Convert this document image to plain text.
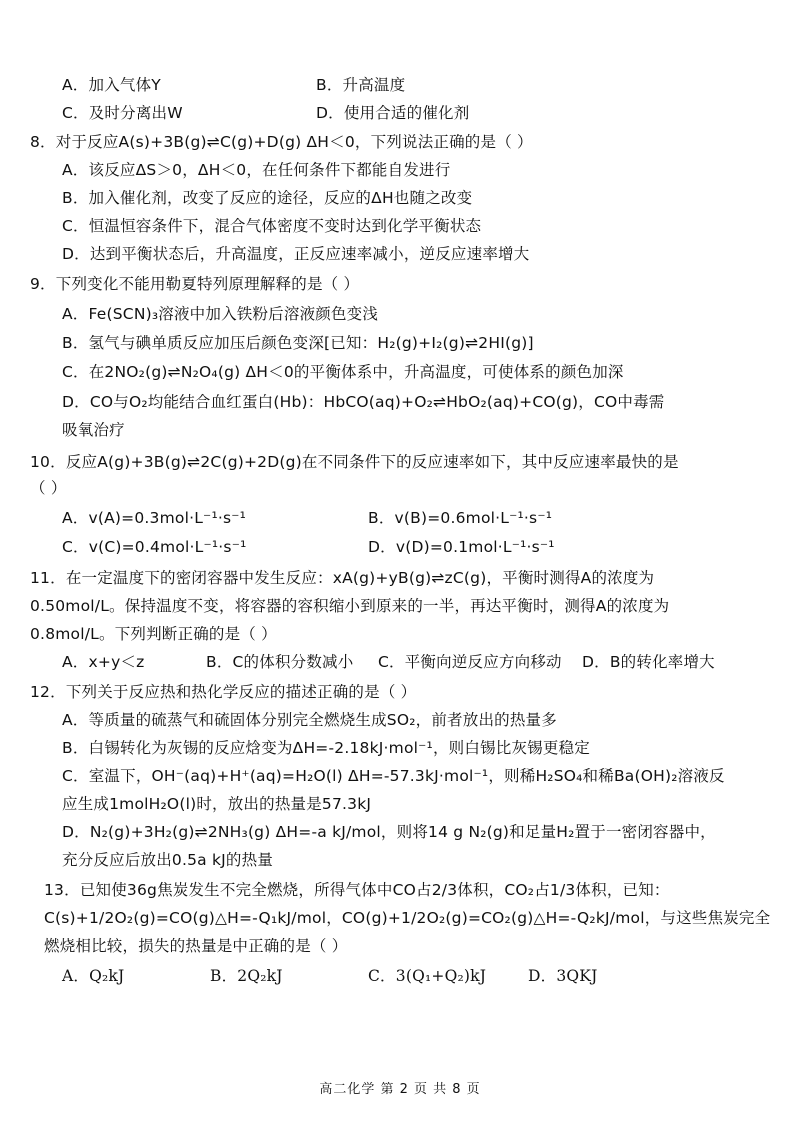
A．加入气体Y	B．升高温度
C．及时分离出W	D．使用合适的催化剂
8．对于反应A(s)+3B(g)⇌C(g)+D(g) ΔH＜0，下列说法正确的是（ ）
A．该反应ΔS＞0，ΔH＜0，在任何条件下都能自发进行
B．加入催化剂，改变了反应的途径，反应的ΔH也随之改变
C．恒温恒容条件下，混合气体密度不变时达到化学平衡状态
D．达到平衡状态后，升高温度，正反应速率减小，逆反应速率增大
9．下列变化不能用勒夏特列原理解释的是（ ）
A．Fe(SCN)₃溶液中加入铁粉后溶液颜色变浅
B．氢气与碘单质反应加压后颜色变深[已知：H₂(g)+I₂(g)⇌2HI(g)]
C．在2NO₂(g)⇌N₂O₄(g) ΔH＜0的平衡体系中，升高温度，可使体系的颜色加深
D．CO与O₂均能结合血红蛋白(Hb)：HbCO(aq)+O₂⇌HbO₂(aq)+CO(g)，CO中毒需
吸氧治疗
10．反应A(g)+3B(g)⇌2C(g)+2D(g)在不同条件下的反应速率如下，其中反应速率最快的是
（ ）
A．v(A)=0.3mol·L⁻¹·s⁻¹	B．v(B)=0.6mol·L⁻¹·s⁻¹
C．v(C)=0.4mol·L⁻¹·s⁻¹	D．v(D)=0.1mol·L⁻¹·s⁻¹
11．在一定温度下的密闭容器中发生反应：xA(g)+yB(g)⇌zC(g)，平衡时测得A的浓度为
0.50mol/L。保持温度不变，将容器的容积缩小到原来的一半，再达平衡时，测得A的浓度为
0.8mol/L。下列判断正确的是（ ）
A．x+y＜z	B．C的体积分数减小 C．平衡向逆反应方向移动 D．B的转化率增大
12．下列关于反应热和热化学反应的描述正确的是（ ）
A．等质量的硫蒸气和硫固体分别完全燃烧生成SO₂，前者放出的热量多
B．白锡转化为灰锡的反应焓变为ΔH=-2.18kJ·mol⁻¹，则白锡比灰锡更稳定
C．室温下，OH⁻(aq)+H⁺(aq)=H₂O(l) ΔH=-57.3kJ·mol⁻¹，则稀H₂SO₄和稀Ba(OH)₂溶液反
应生成1molH₂O(l)时，放出的热量是57.3kJ
D．N₂(g)+3H₂(g)⇌2NH₃(g) ΔH=-a kJ/mol，则将14 g N₂(g)和足量H₂置于一密闭容器中，
充分反应后放出0.5a kJ的热量
13．已知使36g焦炭发生不完全燃烧，所得气体中CO占2/3体积，CO₂占1/3体积，已知：
C(s)+1/2O₂(g)=CO(g)△H=-Q₁kJ/mol，CO(g)+1/2O₂(g)=CO₂(g)△H=-Q₂kJ/mol，与这些焦炭完全
燃烧相比较，损失的热量是中正确的是（ ）
A．Q₂kJ	B．2Q₂kJ	C．3(Q₁+Q₂)kJ	D．3QKJ
高二化学 第 2 页 共 8 页
